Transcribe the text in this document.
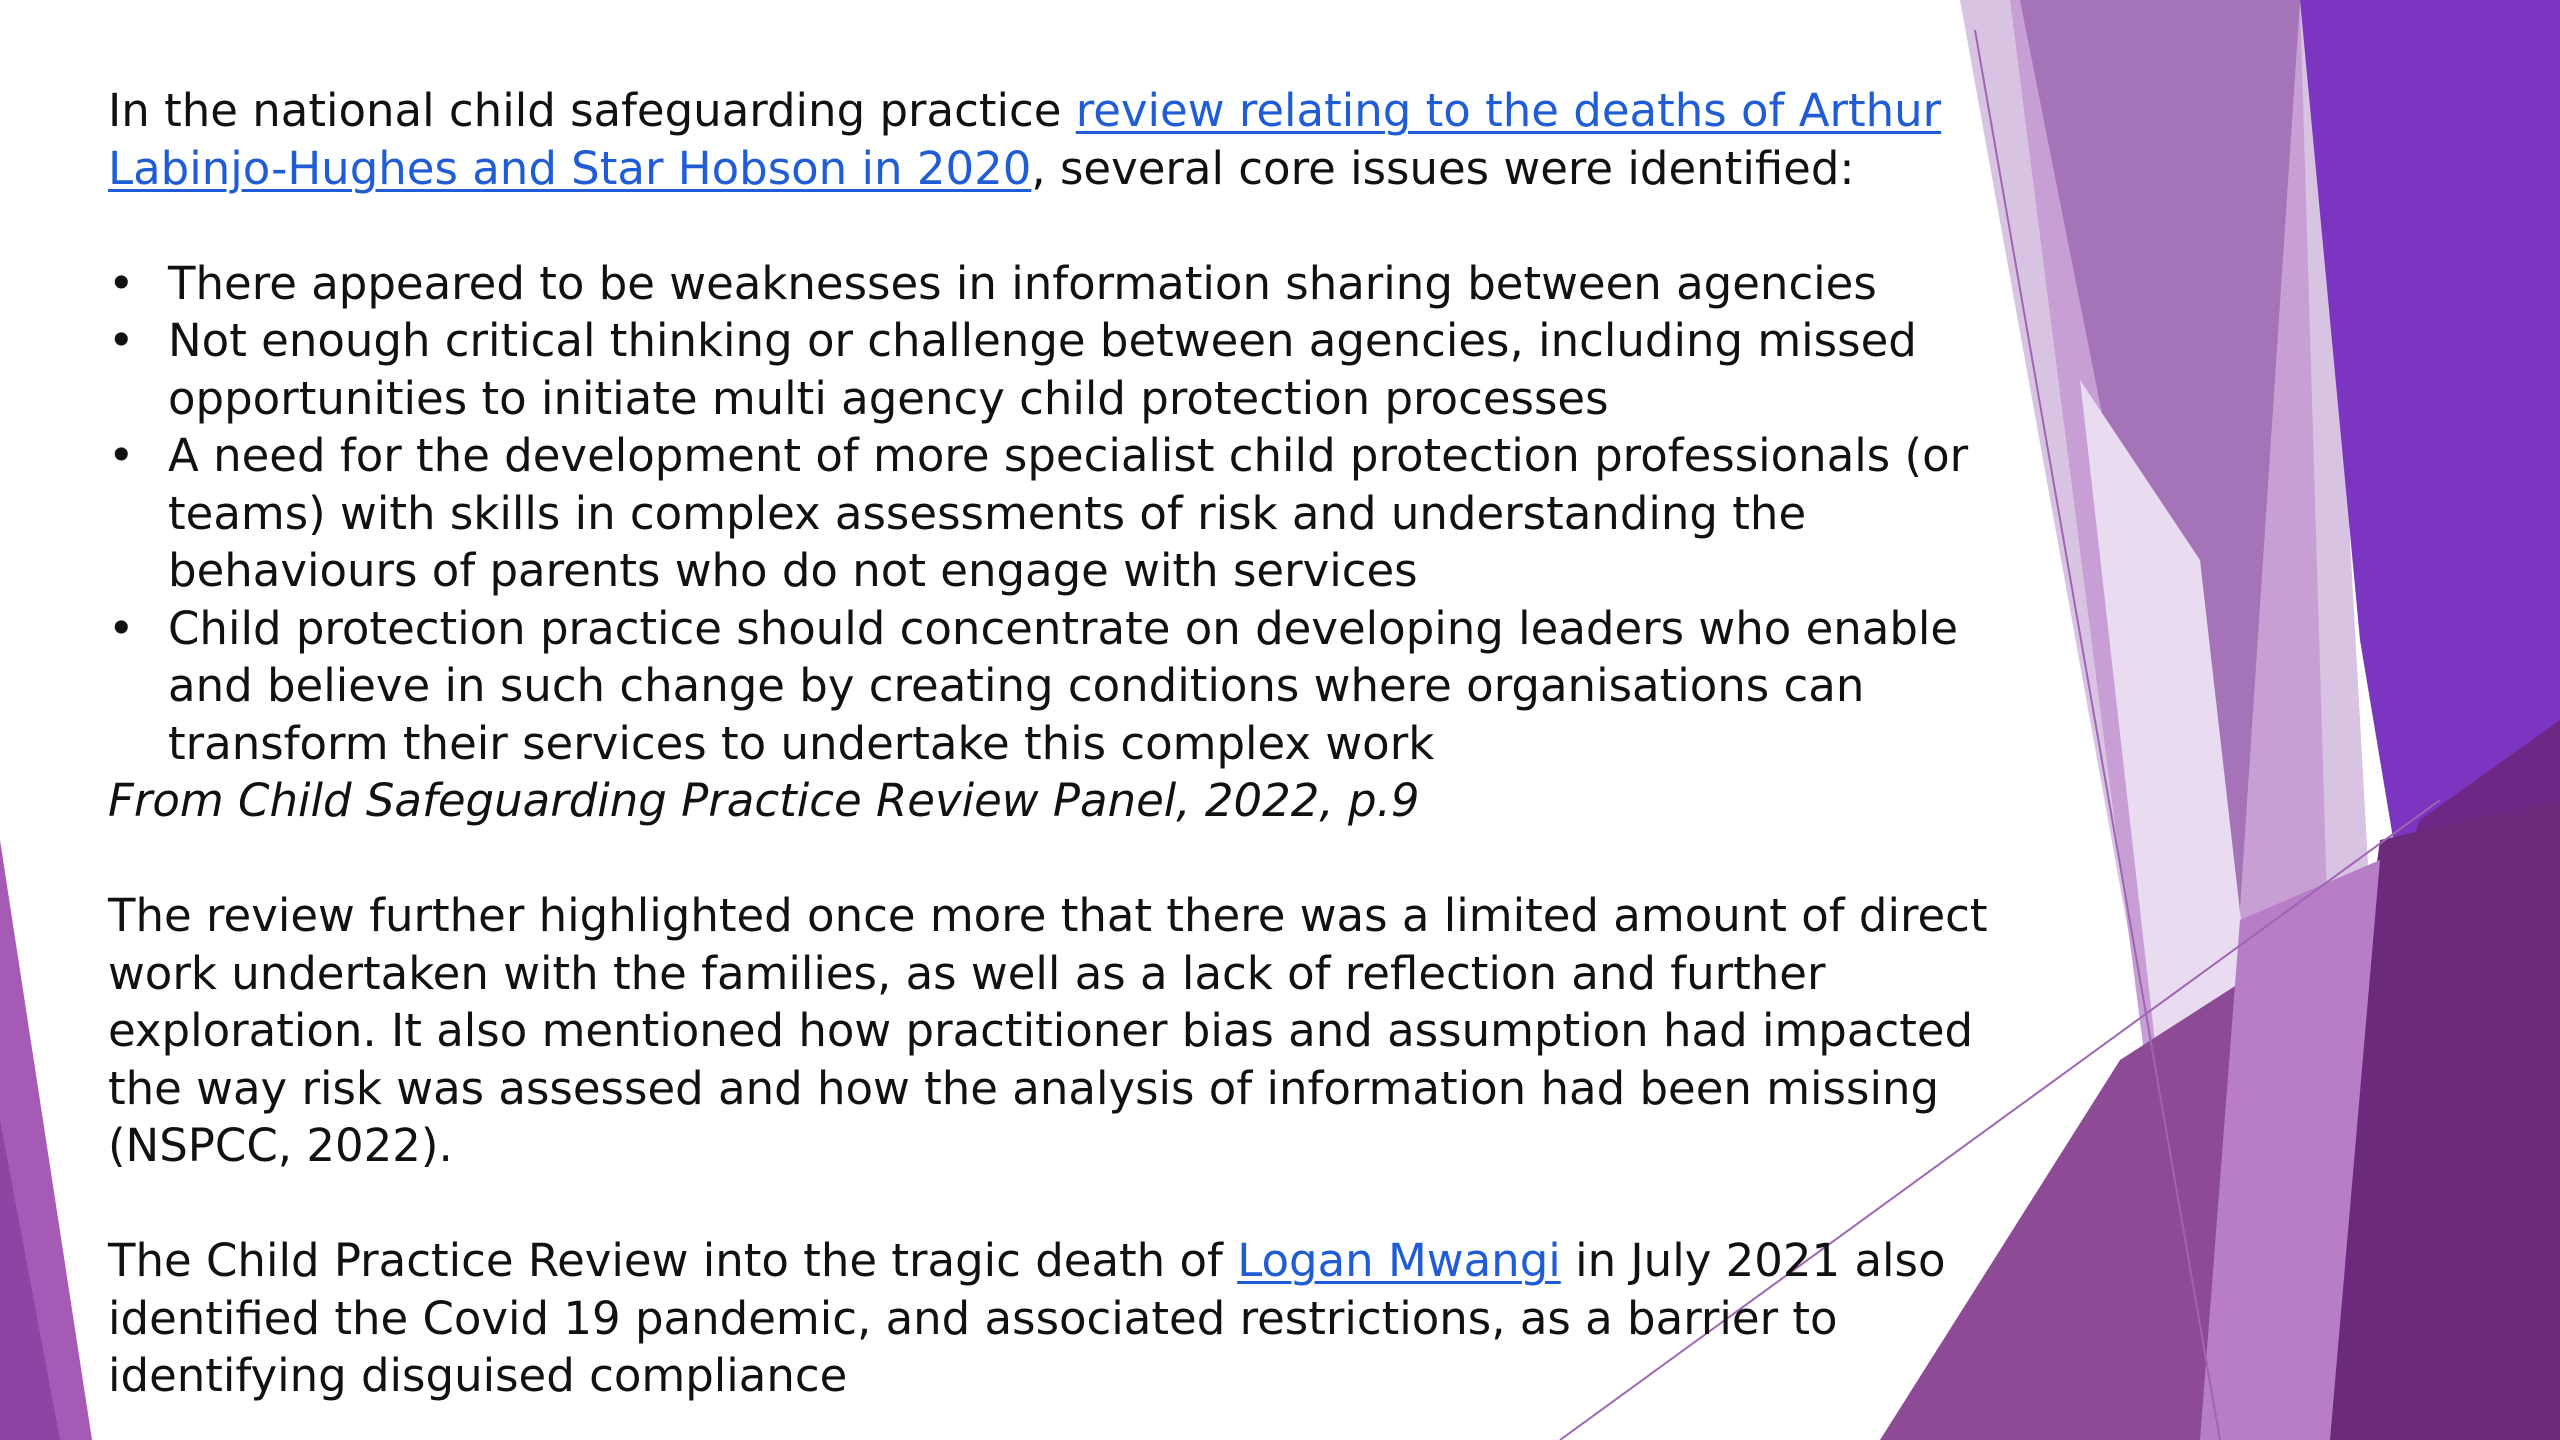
In the national child safeguarding practice review relating to the deaths of Arthur Labinjo-Hughes and Star Hobson in 2020, several core issues were identified:

• There appeared to be weaknesses in information sharing between agencies
• Not enough critical thinking or challenge between agencies, including missed opportunities to initiate multi agency child protection processes
• A need for the development of more specialist child protection professionals (or teams) with skills in complex assessments of risk and understanding the behaviours of parents who do not engage with services
• Child protection practice should concentrate on developing leaders who enable and believe in such change by creating conditions where organisations can transform their services to undertake this complex work

From Child Safeguarding Practice Review Panel, 2022, p.9

The review further highlighted once more that there was a limited amount of direct work undertaken with the families, as well as a lack of reflection and further exploration. It also mentioned how practitioner bias and assumption had impacted the way risk was assessed and how the analysis of information had been missing (NSPCC, 2022).

The Child Practice Review into the tragic death of Logan Mwangi in July 2021 also identified the Covid 19 pandemic, and associated restrictions, as a barrier to identifying disguised compliance
